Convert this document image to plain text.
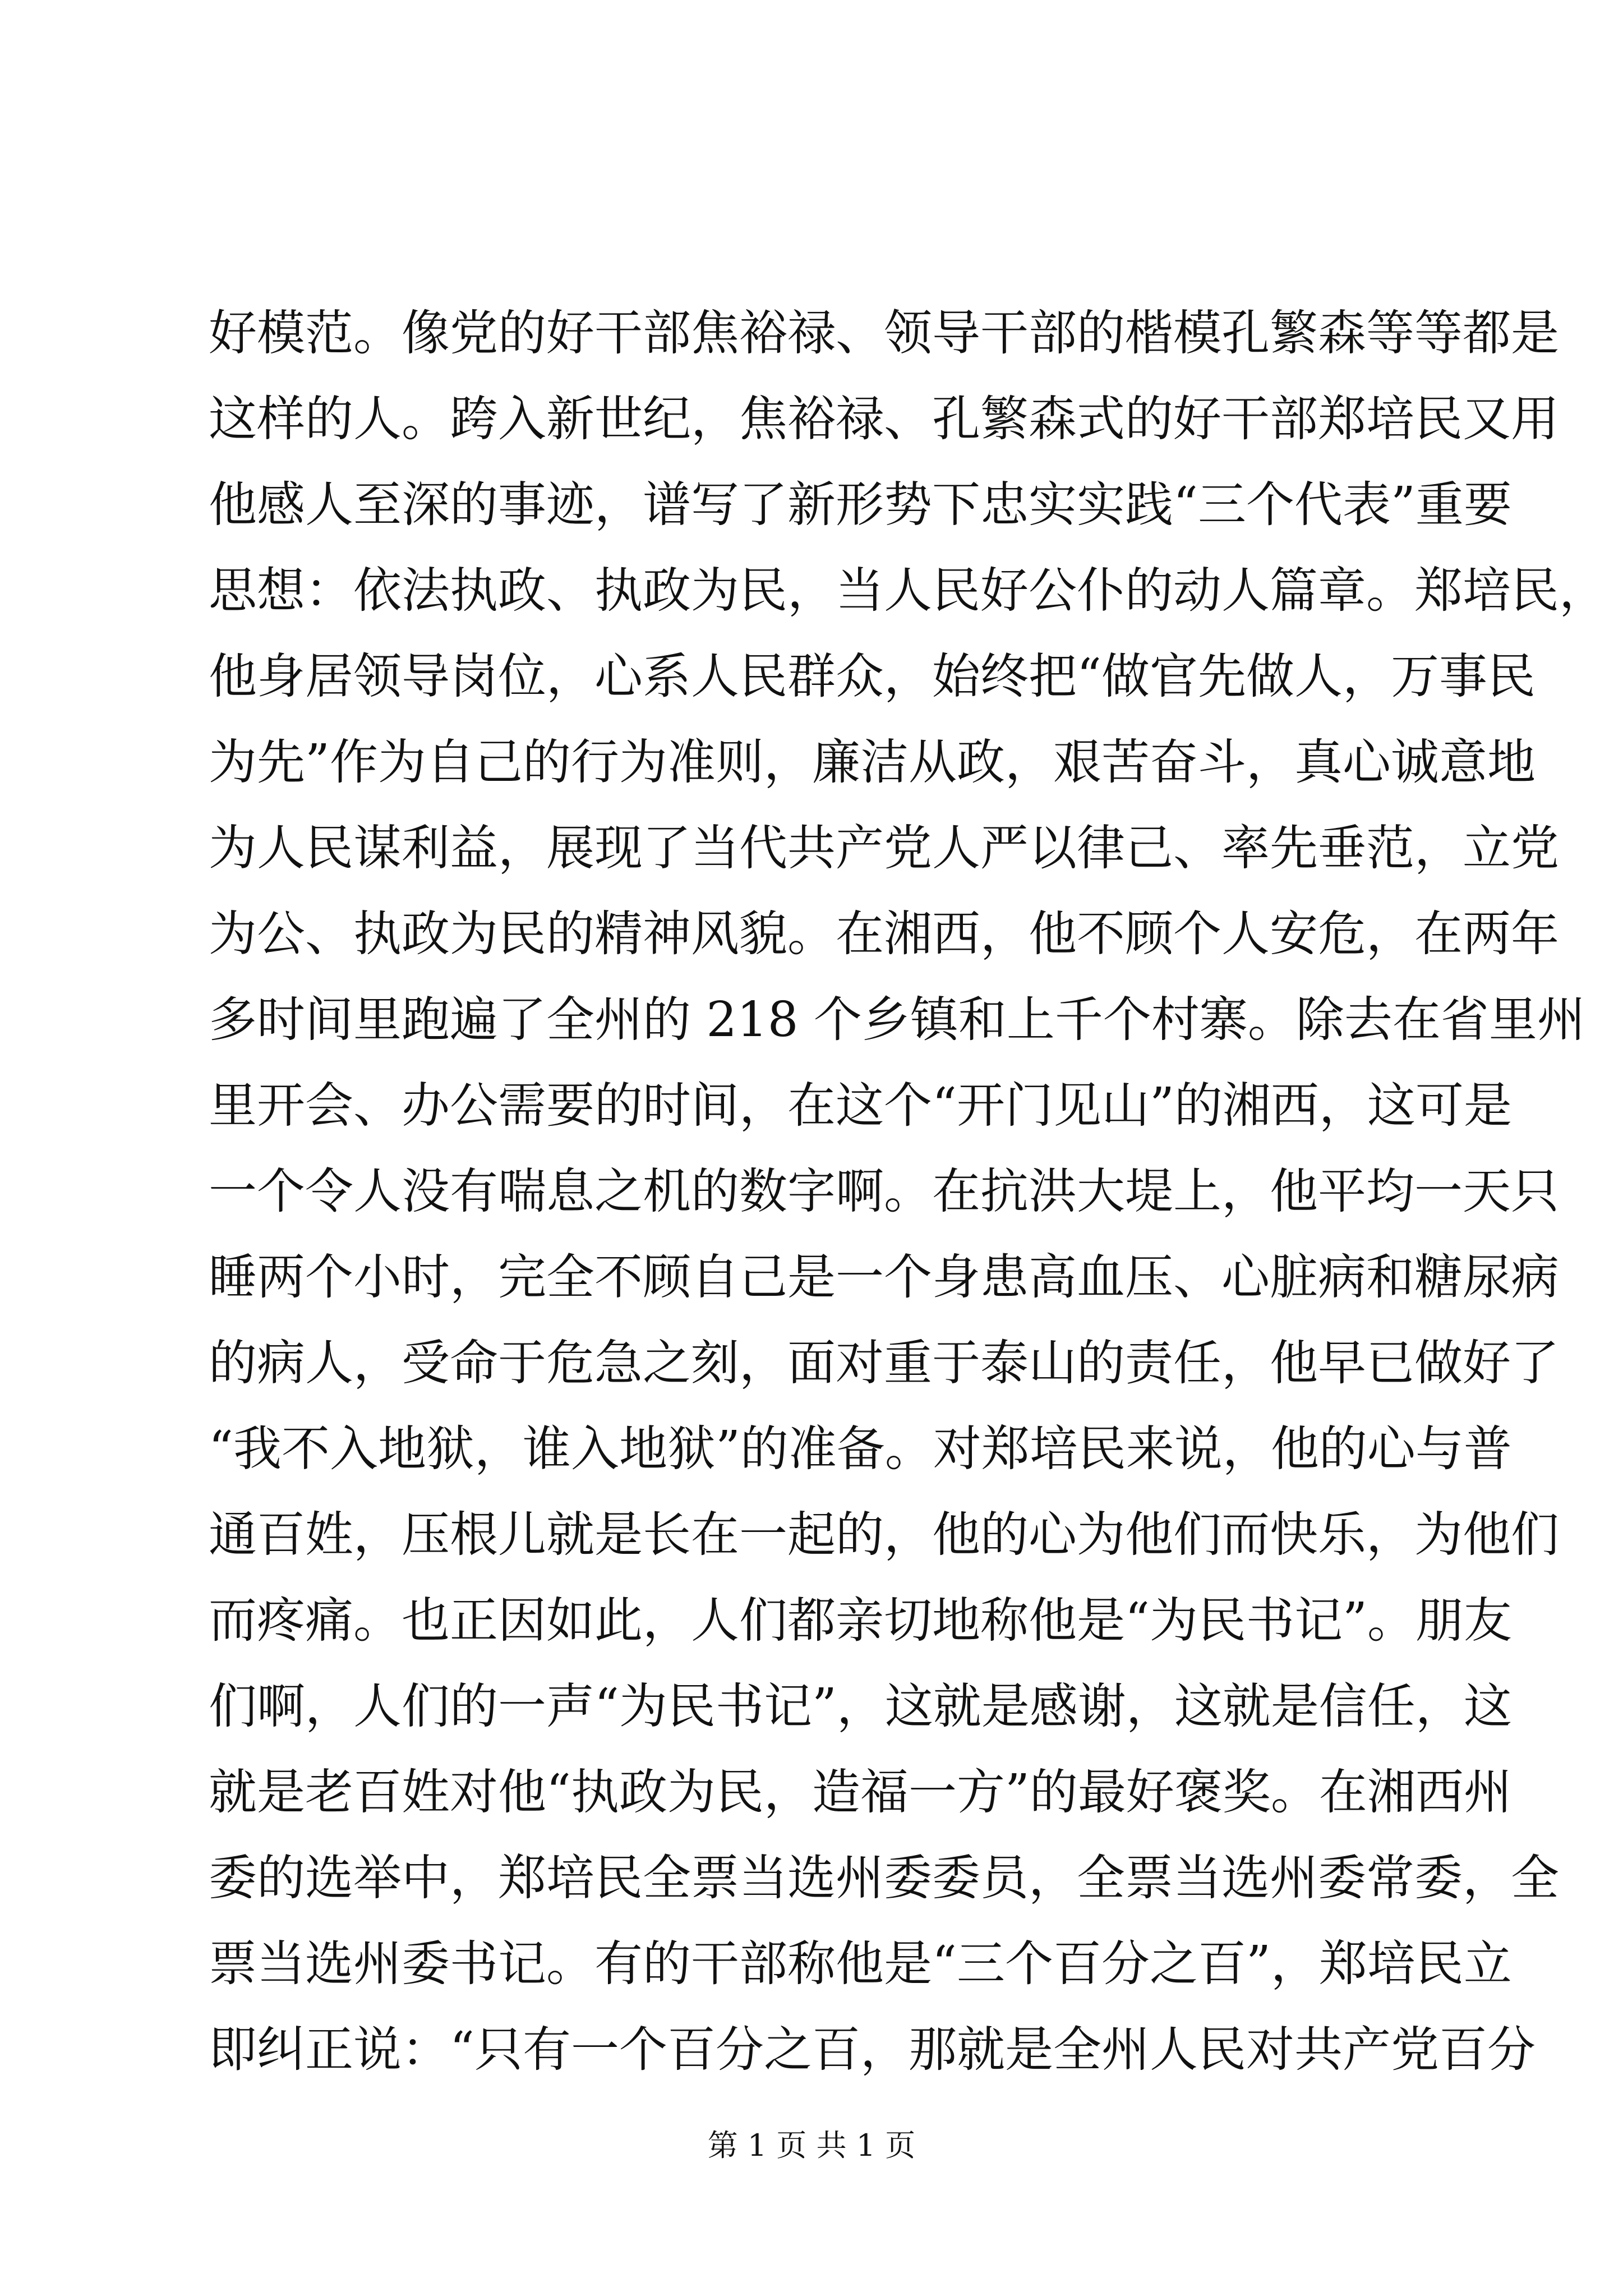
好模范。像党的好干部焦裕禄、领导干部的楷模孔繁森等等都是
这样的人。跨入新世纪，焦裕禄、孔繁森式的好干部郑培民又用
他感人至深的事迹，谱写了新形势下忠实实践“三个代表”重要
思想：依法执政、执政为民，当人民好公仆的动人篇章。郑培民，
他身居领导岗位，心系人民群众，始终把“做官先做人，万事民
为先”作为自己的行为准则，廉洁从政，艰苦奋斗，真心诚意地
为人民谋利益，展现了当代共产党人严以律己、率先垂范，立党
为公、执政为民的精神风貌。在湘西，他不顾个人安危，在两年
多时间里跑遍了全州的 218 个乡镇和上千个村寨。除去在省里州
里开会、办公需要的时间，在这个“开门见山”的湘西，这可是
一个令人没有喘息之机的数字啊。在抗洪大堤上，他平均一天只
睡两个小时，完全不顾自己是一个身患高血压、心脏病和糖尿病
的病人，受命于危急之刻，面对重于泰山的责任，他早已做好了
“我不入地狱，谁入地狱”的准备。对郑培民来说，他的心与普
通百姓，压根儿就是长在一起的，他的心为他们而快乐，为他们
而疼痛。也正因如此，人们都亲切地称他是“为民书记”。朋友
们啊，人们的一声“为民书记”，这就是感谢，这就是信任，这
就是老百姓对他“执政为民，造福一方”的最好褒奖。在湘西州
委的选举中，郑培民全票当选州委委员，全票当选州委常委，全
票当选州委书记。有的干部称他是“三个百分之百”，郑培民立
即纠正说：“只有一个百分之百，那就是全州人民对共产党百分
第 1 页 共 1 页
